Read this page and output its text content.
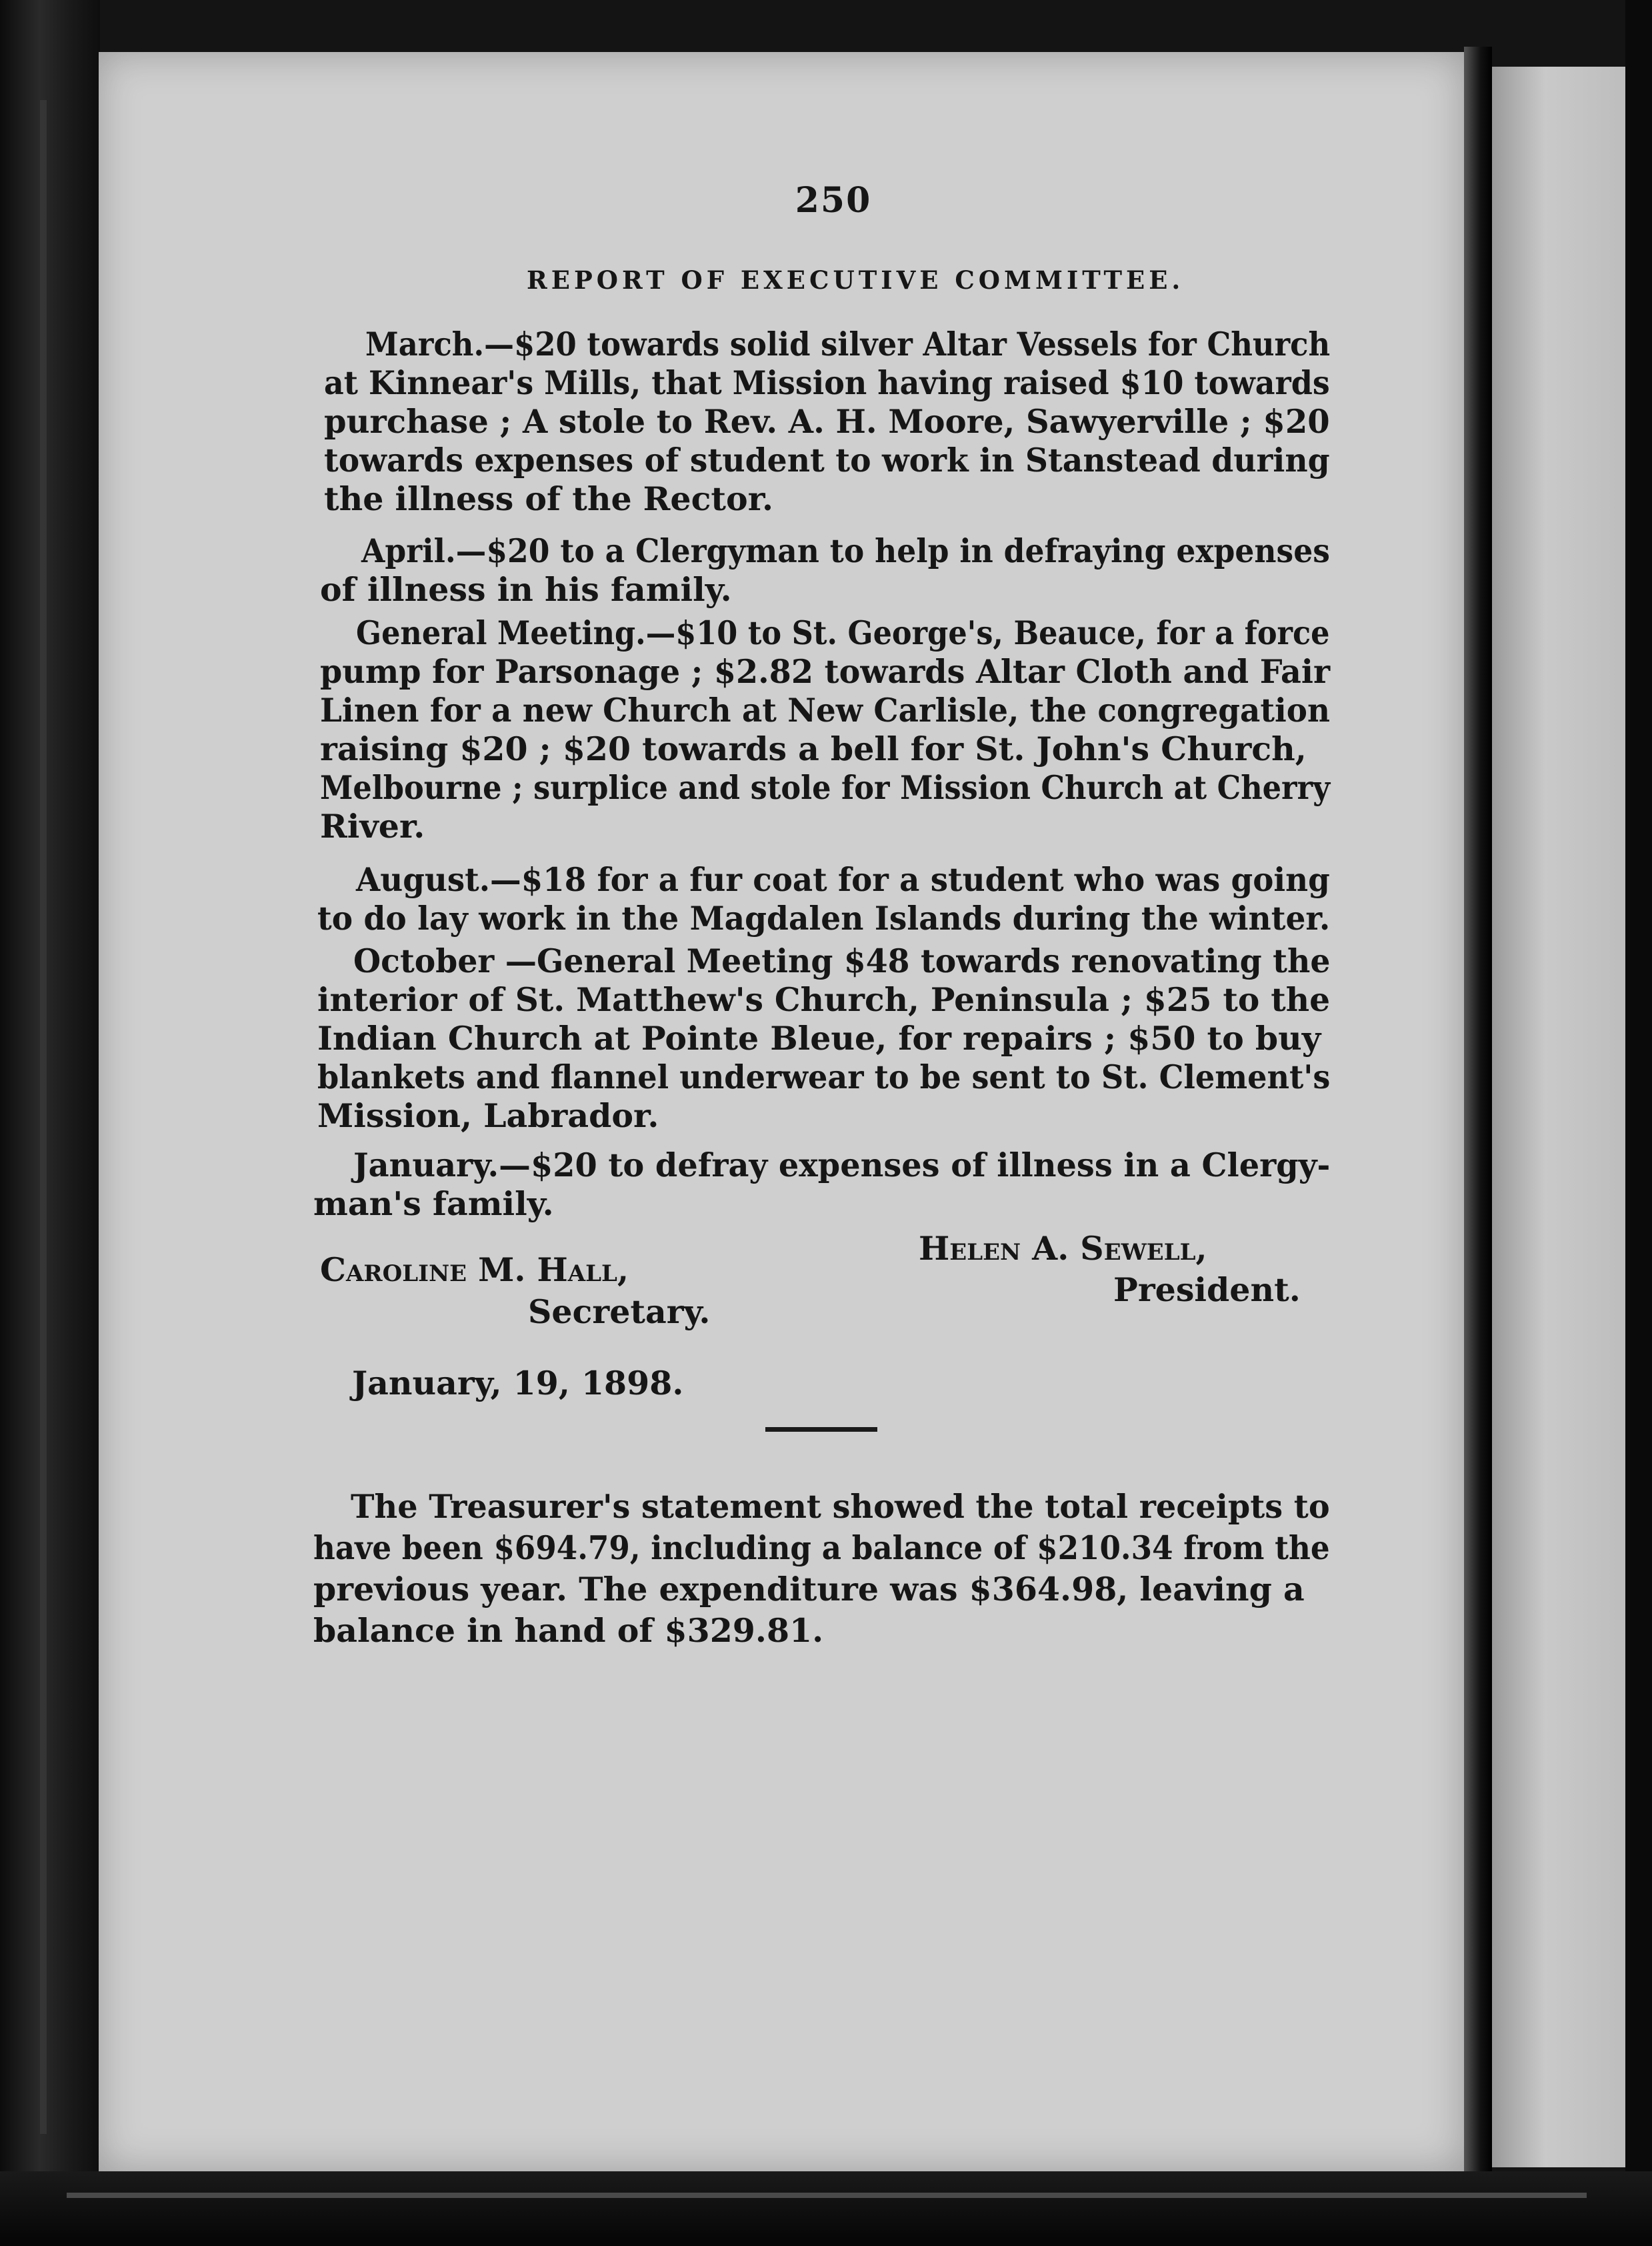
250
REPORT OF EXECUTIVE COMMITTEE.
March.—$20 towards solid silver Altar Vessels for Church
at Kinnear's Mills, that Mission having raised $10 towards
purchase ; A stole to Rev. A. H. Moore, Sawyerville ; $20
towards expenses of student to work in Stanstead during
the illness of the Rector.
April.—$20 to a Clergyman to help in defraying expenses
of illness in his family.
General Meeting.—$10 to St. George's, Beauce, for a force
pump for Parsonage ; $2.82 towards Altar Cloth and Fair
Linen for a new Church at New Carlisle, the congregation
raising $20 ; $20 towards a bell for St. John's Church,
Melbourne ; surplice and stole for Mission Church at Cherry
River.
August.—$18 for a fur coat for a student who was going
to do lay work in the Magdalen Islands during the winter.
October —General Meeting $48 towards renovating the
interior of St. Matthew's Church, Peninsula ; $25 to the
Indian Church at Pointe Bleue, for repairs ; $50 to buy
blankets and flannel underwear to be sent to St. Clement's
Mission, Labrador.
January.—$20 to defray expenses of illness in a Clergy-
man's family.
Helen A. Sewell,
President.
Caroline M. Hall,
Secretary.
January, 19, 1898.
The Treasurer's statement showed the total receipts to
have been $694.79, including a balance of $210.34 from the
previous year. The expenditure was $364.98, leaving a
balance in hand of $329.81.
